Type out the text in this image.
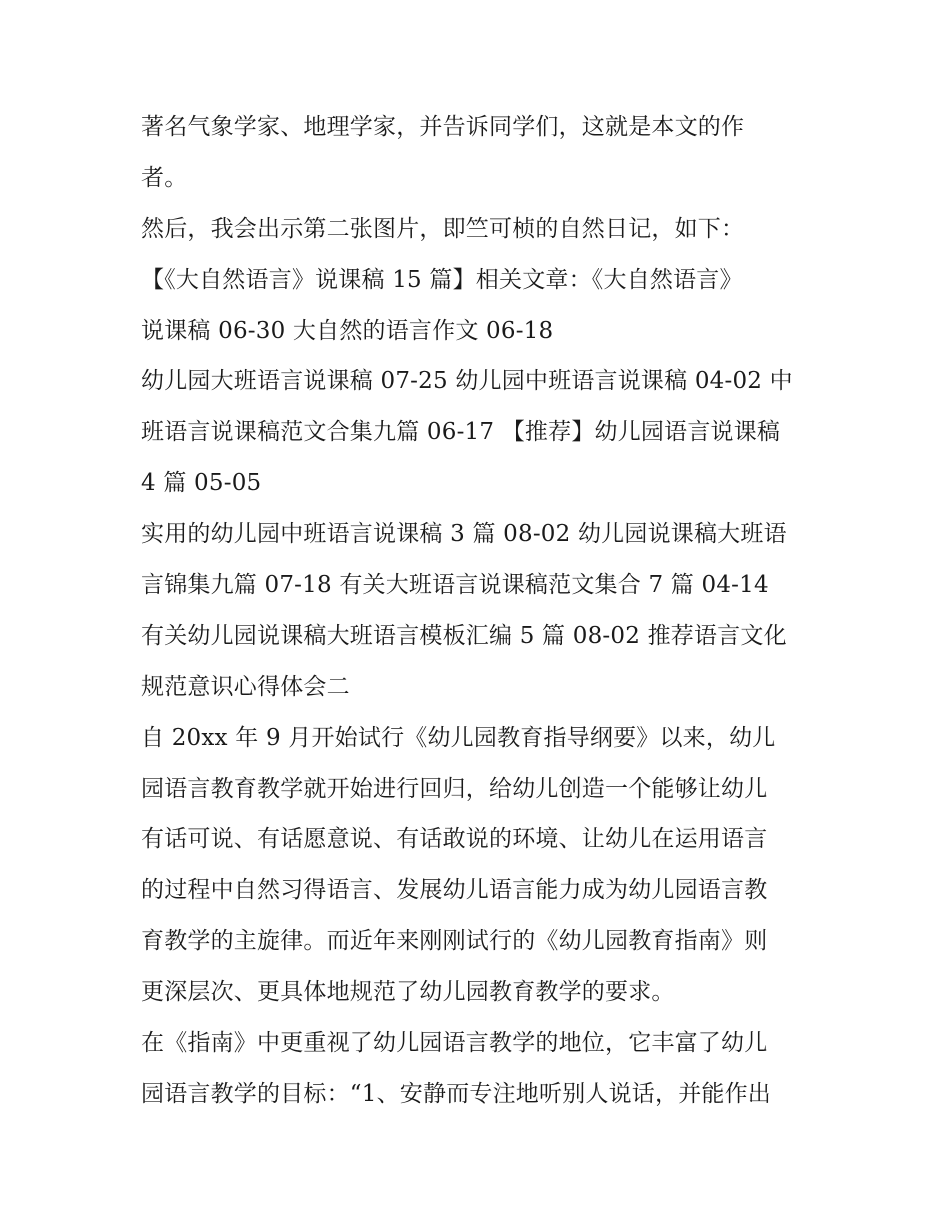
著名气象学家、地理学家，并告诉同学们，这就是本文的作
者。
然后，我会出示第二张图片，即竺可桢的自然日记，如下：
【《大自然语言》说课稿 15 篇】相关文章：《大自然语言》
说课稿 06-30 大自然的语言作文 06-18
幼儿园大班语言说课稿 07-25 幼儿园中班语言说课稿 04-02 中
班语言说课稿范文合集九篇 06-17 【推荐】幼儿园语言说课稿
4 篇 05-05
实用的幼儿园中班语言说课稿 3 篇 08-02 幼儿园说课稿大班语
言锦集九篇 07-18 有关大班语言说课稿范文集合 7 篇 04-14
有关幼儿园说课稿大班语言模板汇编 5 篇 08-02 推荐语言文化
规范意识心得体会二
自 20xx 年 9 月开始试行《幼儿园教育指导纲要》以来，幼儿
园语言教育教学就开始进行回归，给幼儿创造一个能够让幼儿
有话可说、有话愿意说、有话敢说的环境、让幼儿在运用语言
的过程中自然习得语言、发展幼儿语言能力成为幼儿园语言教
育教学的主旋律。而近年来刚刚试行的《幼儿园教育指南》则
更深层次、更具体地规范了幼儿园教育教学的要求。
在《指南》中更重视了幼儿园语言教学的地位，它丰富了幼儿
园语言教学的目标：“1、安静而专注地听别人说话，并能作出
